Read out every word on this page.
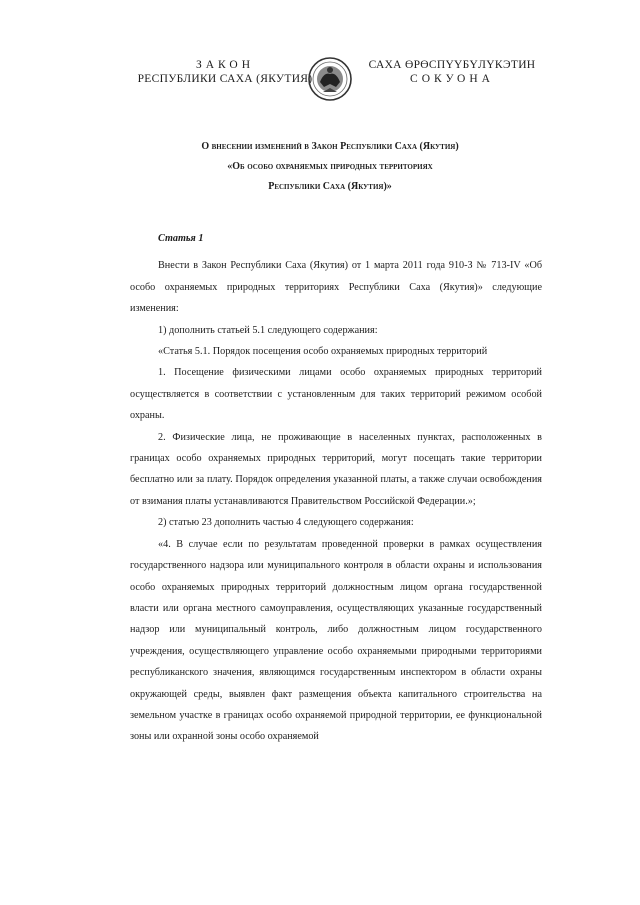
ЗАКОН
РЕСПУБЛИКИ САХА (ЯКУТИЯ)
САХА ӨРӨСПҮҮБҮЛҮКЭТИН
СОКУОНА
О внесении изменений в Закон Республики Саха (Якутия)
«Об особо охраняемых природных территориях
Республики Саха (Якутия)»
Статья 1

Внести в Закон Республики Саха (Якутия) от 1 марта 2011 года 910-З № 713-IV «Об особо охраняемых природных территориях Республики Саха (Якутия)» следующие изменения:

1) дополнить статьей 5.1 следующего содержания:

«Статья 5.1. Порядок посещения особо охраняемых природных территорий

1. Посещение физическими лицами особо охраняемых природных территорий осуществляется в соответствии с установленным для таких территорий режимом особой охраны.

2. Физические лица, не проживающие в населенных пунктах, расположенных в границах особо охраняемых природных территорий, могут посещать такие территории бесплатно или за плату. Порядок определения указанной платы, а также случаи освобождения от взимания платы устанавливаются Правительством Российской Федерации.»;

2) статью 23 дополнить частью 4 следующего содержания:

«4. В случае если по результатам проведенной проверки в рамках осуществления государственного надзора или муниципального контроля в области охраны и использования особо охраняемых природных территорий должностным лицом органа государственной власти или органа местного самоуправления, осуществляющих указанные государственный надзор или муниципальный контроль, либо должностным лицом государственного учреждения, осуществляющего управление особо охраняемыми природными территориями республиканского значения, являющимся государственным инспектором в области охраны окружающей среды, выявлен факт размещения объекта капитального строительства на земельном участке в границах особо охраняемой природной территории, ее функциональной зоны или охранной зоны особо охраняемой
